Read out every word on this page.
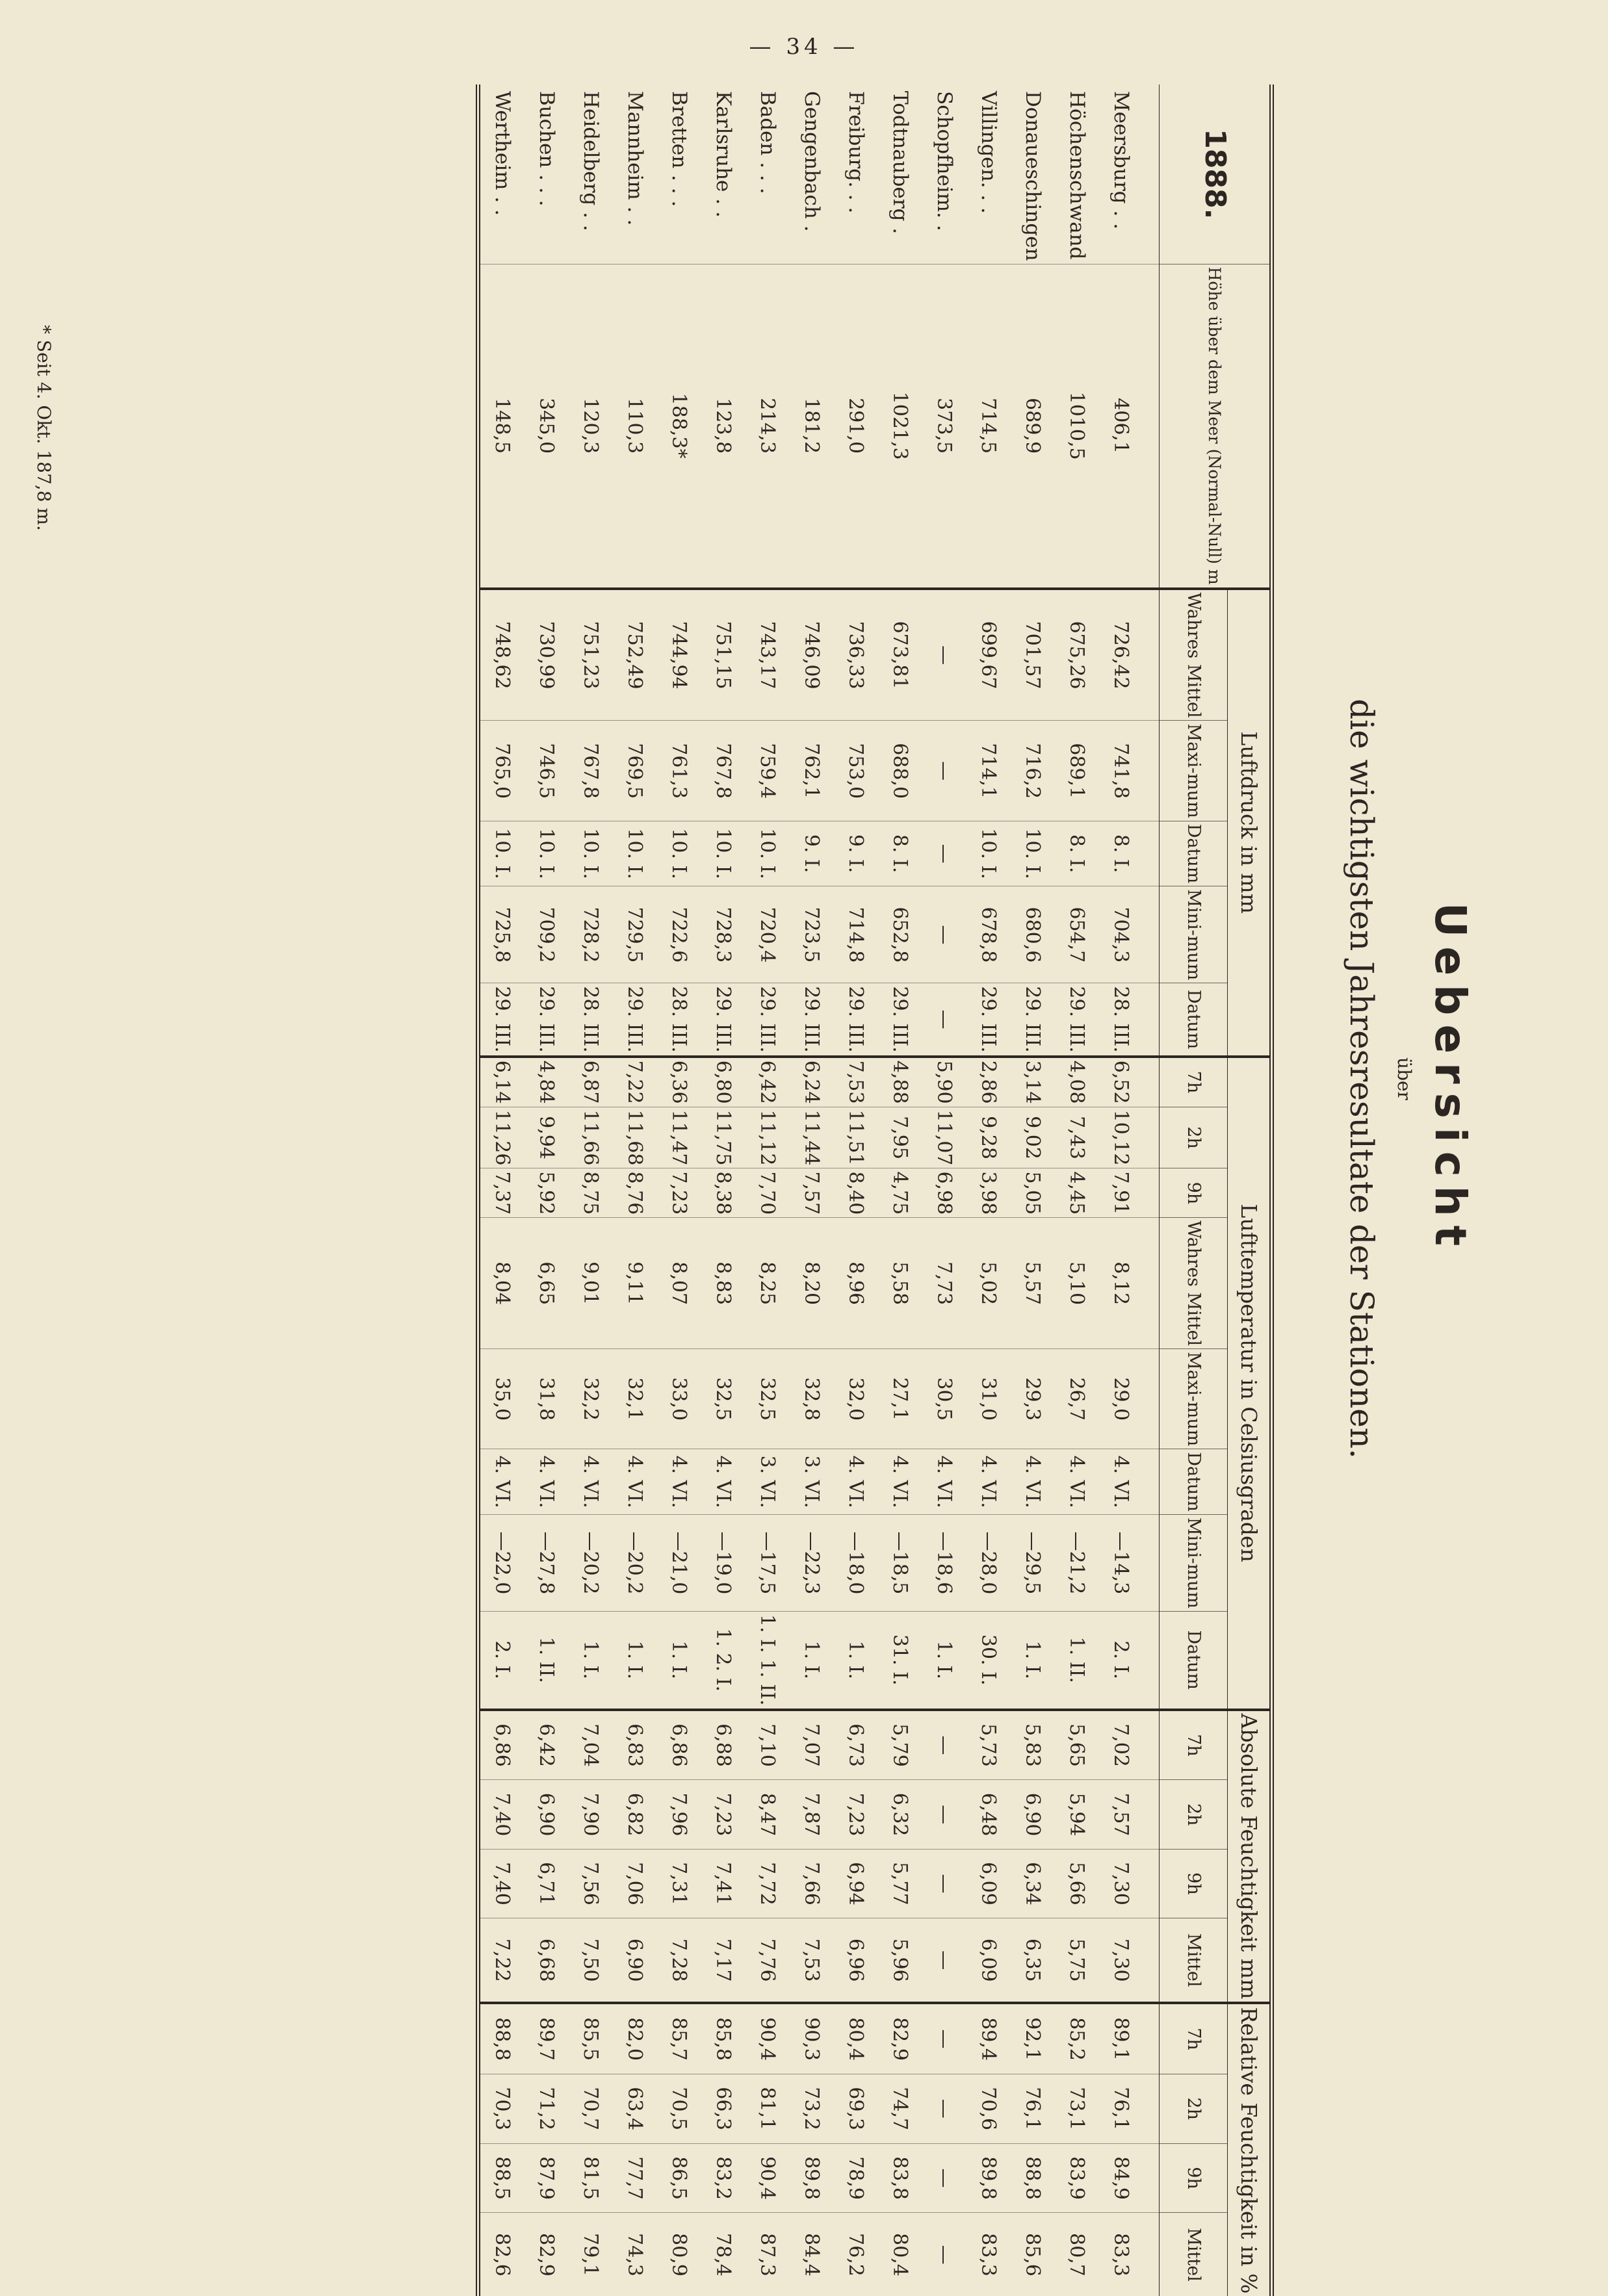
— 34 —
Uebersicht
über
die wichtigsten Jahresresultate der Stationen.
1888.	Höhe über dem Meer (Normal-Null) m	Luftdruck in mm					Lufttemperatur in Celsiusgraden								Absolute Feuchtigkeit mm				Relative Feuchtigkeit in %			
		Wahres Mittel	Maxi-mum	Datum	Mini-mum	Datum	7h	2h	9h	Wahres Mittel	Maxi-mum	Datum	Mini-mum	Datum	7h	2h	9h	Mittel	7h	2h	9h	Mittel
Meersburg . .	406,1	726,42	741,8	8. I.	704,3	28. III.	6,52	10,12	7,91	8,12	29,0	4. VI.	—14,3	2. I.	7,02	7,57	7,30	7,30	89,1	76,1	84,9	83,3
Höchenschwand	1010,5	675,26	689,1	8. I.	654,7	29. III.	4,08	7,43	4,45	5,10	26,7	4. VI.	—21,2	1. II.	5,65	5,94	5,66	5,75	85,2	73,1	83,9	80,7
Donaueschingen	689,9	701,57	716,2	10. I.	680,6	29. III.	3,14	9,02	5,05	5,57	29,3	4. VI.	—29,5	1. I.	5,83	6,90	6,34	6,35	92,1	76,1	88,8	85,6
Villingen. . .	714,5	699,67	714,1	10. I.	678,8	29. III.	2,86	9,28	3,98	5,02	31,0	4. VI.	—28,0	30. I.	5,73	6,48	6,09	6,09	89,4	70,6	89,8	83,3
Schopfheim. .	373,5	—	—	—	—	—	5,90	11,07	6,98	7,73	30,5	4. VI.	—18,6	1. I.	—	—	—	—	—	—	—	—
Todtnauberg .	1021,3	673,81	688,0	8. I.	652,8	29. III.	4,88	7,95	4,75	5,58	27,1	4. VI.	—18,5	31. I.	5,79	6,32	5,77	5,96	82,9	74,7	83,8	80,4
Freiburg. . .	291,0	736,33	753,0	9. I.	714,8	29. III.	7,53	11,51	8,40	8,96	32,0	4. VI.	—18,0	1. I.	6,73	7,23	6,94	6,96	80,4	69,3	78,9	76,2
Gengenbach .	181,2	746,09	762,1	9. I.	723,5	29. III.	6,24	11,44	7,57	8,20	32,8	3. VI.	—22,3	1. I.	7,07	7,87	7,66	7,53	90,3	73,2	89,8	84,4
Baden . . .	214,3	743,17	759,4	10. I.	720,4	29. III.	6,42	11,12	7,70	8,25	32,5	3. VI.	—17,5	1. I. 1. II.	7,10	8,47	7,72	7,76	90,4	81,1	90,4	87,3
Karlsruhe . .	123,8	751,15	767,8	10. I.	728,3	29. III.	6,80	11,75	8,38	8,83	32,5	4. VI.	—19,0	1. 2. I.	6,88	7,23	7,41	7,17	85,8	66,3	83,2	78,4
Bretten . . .	188,3*	744,94	761,3	10. I.	722,6	28. III.	6,36	11,47	7,23	8,07	33,0	4. VI.	—21,0	1. I.	6,86	7,96	7,31	7,28	85,7	70,5	86,5	80,9
Mannheim . .	110,3	752,49	769,5	10. I.	729,5	29. III.	7,22	11,68	8,76	9,11	32,1	4. VI.	—20,2	1. I.	6,83	6,82	7,06	6,90	82,0	63,4	77,7	74,3
Heidelberg . .	120,3	751,23	767,8	10. I.	728,2	28. III.	6,87	11,66	8,75	9,01	32,2	4. VI.	—20,2	1. I.	7,04	7,90	7,56	7,50	85,5	70,7	81,5	79,1
Buchen . . .	345,0	730,99	746,5	10. I.	709,2	29. III.	4,84	9,94	5,92	6,65	31,8	4. VI.	—27,8	1. II.	6,42	6,90	6,71	6,68	89,7	71,2	87,9	82,9
Wertheim . .	148,5	748,62	765,0	10. I.	725,8	29. III.	6,14	11,26	7,37	8,04	35,0	4. VI.	—22,0	2. I.	6,86	7,40	7,40	7,22	88,8	70,3	88,5	82,6
* Seit 4. Okt. 187,8 m.
